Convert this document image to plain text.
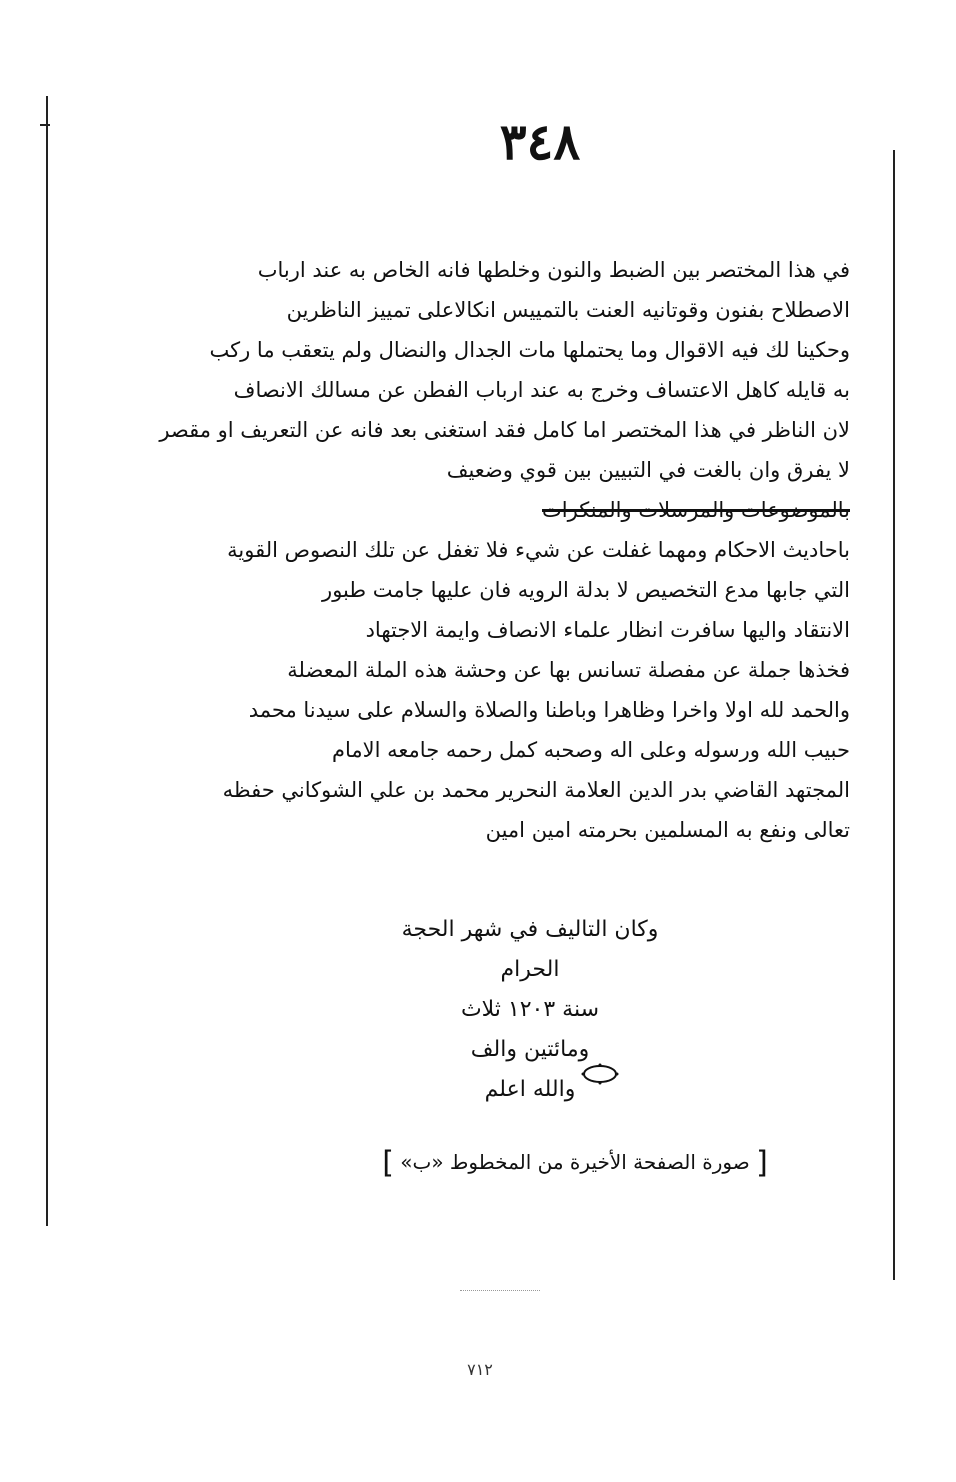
٣٤٨
في هذا المختصر بين الضبط والنون وخلطها فانه الخاص به عند ارباب
الاصطلاح بفنون وقوتانيه العنت بالتمييس انكالاعلى تمييز الناظرين
وحكينا لك فيه الاقوال وما يحتملها مات الجدال والنضال ولم يتعقب ما ركب
به قايله كاهل الاعتساف وخرج به عند ارباب الفطن عن مسالك الانصاف
لان الناظر في هذا المختصر اما كامل فقد استغنى بعد فانه عن التعريف او مقصر
لا يفرق وان بالغت في التبيين بين قوي وضعيف
بالموضوعات والمرسلات والمنكرات
باحاديث الاحكام ومهما غفلت عن شيء فلا تغفل عن تلك النصوص القوية
التي جابها مدع التخصيص لا بدلة الرويه فان عليها جامت طبور
الانتقاد واليها سافرت انظار علماء الانصاف وايمة الاجتهاد
فخذها جملة عن مفصلة تسانس بها عن وحشة هذه الملة المعضلة
والحمد لله اولا واخرا وظاهرا وباطنا والصلاة والسلام على سيدنا محمد
حبيب الله ورسوله وعلى اله وصحبه كمل رحمه جامعه الامام
المجتهد القاضي بدر الدين العلامة النحرير محمد بن علي الشوكاني حفظه
تعالى ونفع به المسلمين بحرمته امين امين
وكان التاليف في شهر الحجة الحرام
سنة ١٢٠٣ ثلاث
ومائتين والف
والله اعلم
[ صورة الصفحة الأخيرة من المخطوط «ب» ]
٧١٢
